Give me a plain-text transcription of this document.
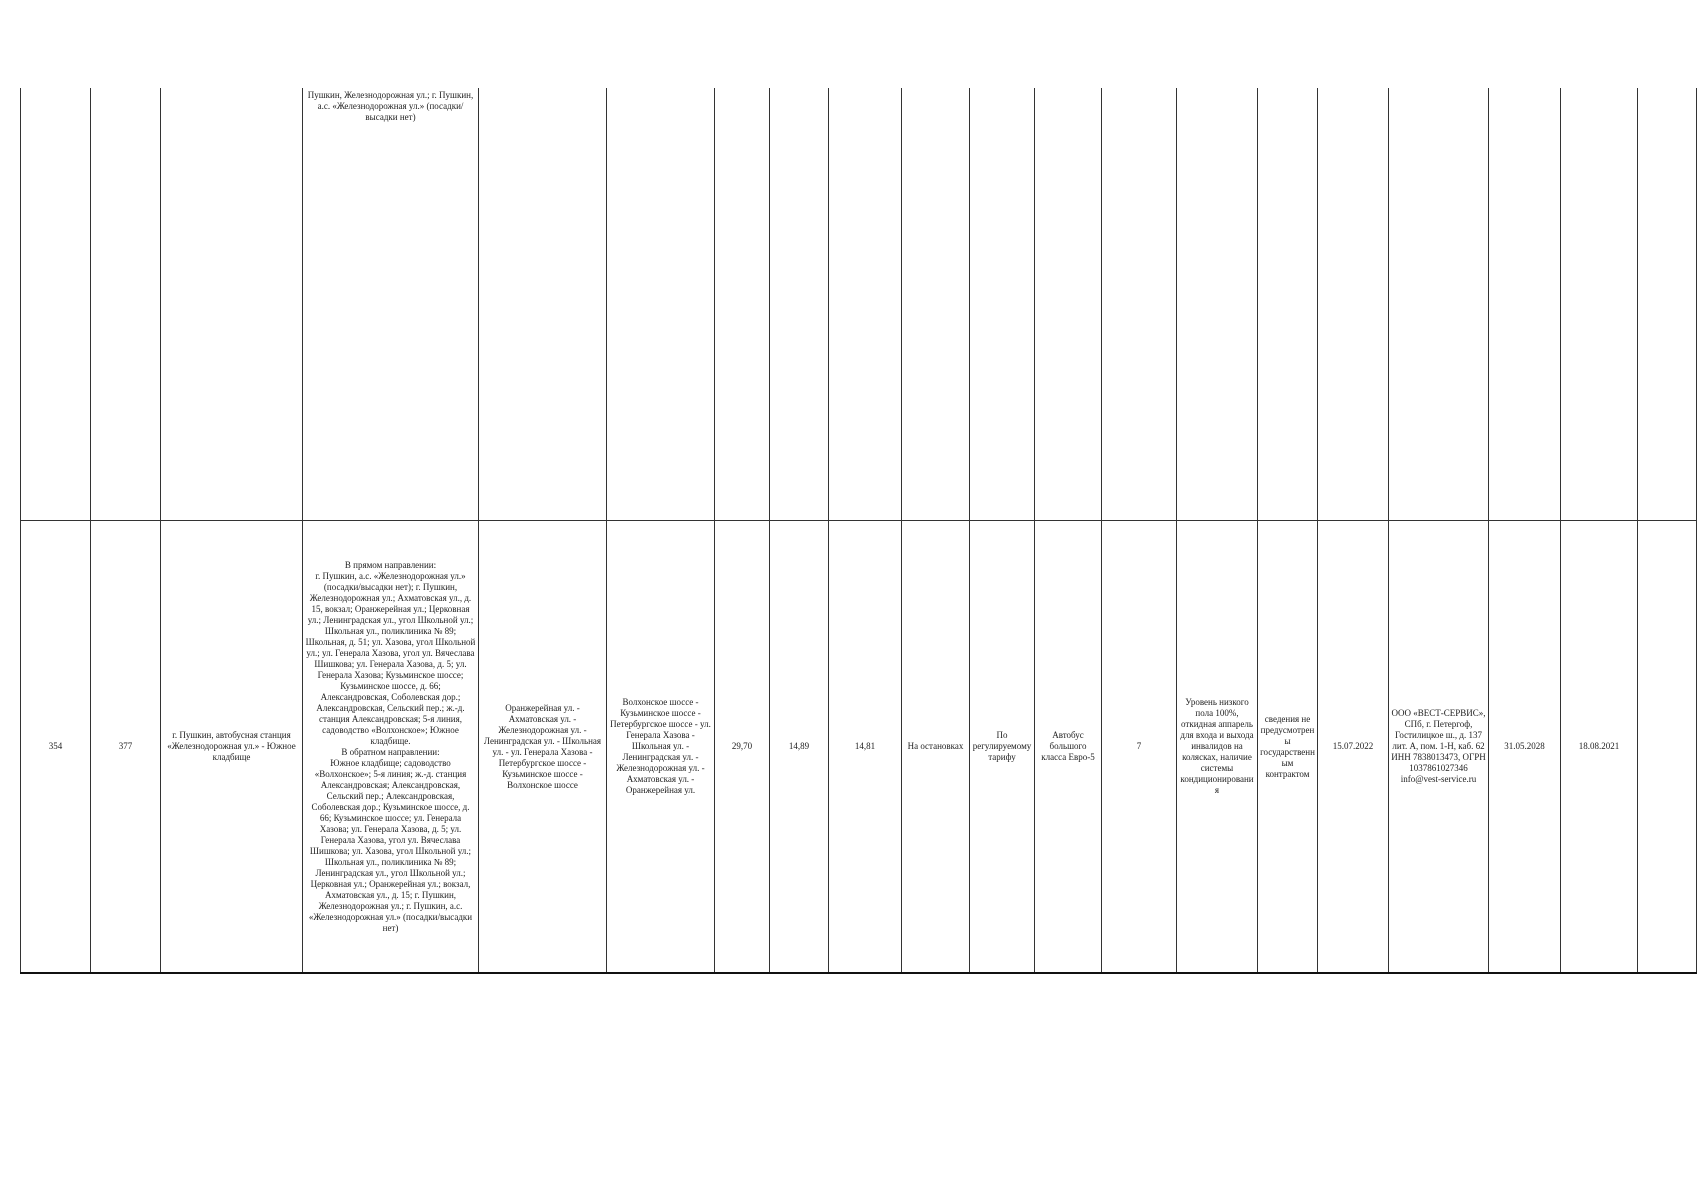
			Пушкин, Железнодорожная ул.; г. Пушкин, а.с. «Железнодорожная ул.» (посадки/высадки нет)																
354	377	г. Пушкин, автобусная станция «Железнодорожная ул.» - Южное кладбище	В прямом направлении:
г. Пушкин, а.с. «Железнодорожная ул.» (посадки/высадки нет); г. Пушкин, Железнодорожная ул.; Ахматовская ул., д. 15, вокзал; Оранжерейная ул.; Церковная ул.; Ленинградская ул., угол Школьной ул.; Школьная ул., поликлиника № 89; Школьная, д. 51; ул. Хазова, угол Школьной ул.; ул. Генерала Хазова, угол ул. Вячеслава Шишкова; ул. Генерала Хазова, д. 5; ул. Генерала Хазова; Кузьминское шоссе; Кузьминское шоссе, д. 66; Александровская, Соболевская дор.; Александровская, Сельский пер.; ж.-д. станция Александровская; 5-я линия, садоводство «Волхонское»; Южное кладбище.
В обратном направлении:
Южное кладбище; садоводство «Волхонское»; 5-я линия; ж.-д. станция Александровская; Александровская, Сельский пер.; Александровская, Соболевская дор.; Кузьминское шоссе, д. 66; Кузьминское шоссе; ул. Генерала Хазова; ул. Генерала Хазова, д. 5; ул. Генерала Хазова, угол ул. Вячеслава Шишкова; ул. Хазова, угол Школьной ул.; Школьная ул., поликлиника № 89; Ленинградская ул., угол Школьной ул.; Церковная ул.; Оранжерейная ул.; вокзал, Ахматовская ул., д. 15; г. Пушкин, Железнодорожная ул.; г. Пушкин, а.с. «Железнодорожная ул.» (посадки/высадки нет)	Оранжерейная ул. - Ахматовская ул. - Железнодорожная ул. - Ленинградская ул. - Школьная ул. - ул. Генерала Хазова - Петербургское шоссе - Кузьминское шоссе - Волхонское шоссе	Волхонское шоссе - Кузьминское шоссе - Петербургское шоссе - ул. Генерала Хазова - Школьная ул. - Ленинградская ул. - Железнодорожная ул. - Ахматовская ул. - Оранжерейная ул.	29,70	14,89	14,81	На остановках	По регулируемому тарифу	Автобус большого класса Евро-5	7	Уровень низкого пола 100%, откидная аппарель для входа и выхода инвалидов на колясках, наличие системы кондиционирования	сведения не предусмотрены государственным контрактом	15.07.2022	ООО «ВЕСТ-СЕРВИС», СПб, г. Петергоф, Гостилицкое ш., д. 137 лит. А, пом. 1-Н, каб. 62 ИНН 7838013473, ОГРН 1037861027346 info@vest-service.ru	31.05.2028	18.08.2021	
